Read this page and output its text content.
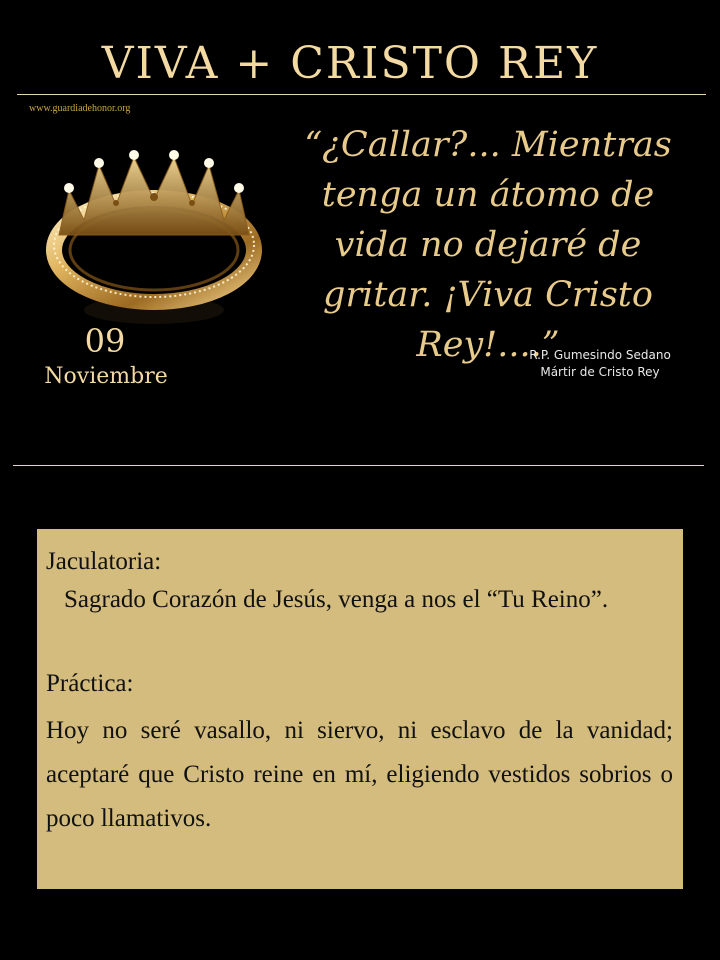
VIVA + CRISTO REY
www.guardiadehonor.org
09
Noviembre
“¿Callar?... Mientras tenga un átomo de vida no dejaré de gritar. ¡Viva Cristo Rey!....”
R.P. Gumesindo Sedano
Mártir de Cristo Rey
Jaculatoria:
Sagrado Corazón de Jesús, venga a nos el “Tu Reino”.
Práctica:
Hoy no seré vasallo, ni siervo, ni esclavo de la vanidad; aceptaré que Cristo reine en mí, eligiendo vestidos sobrios o poco llamativos.
